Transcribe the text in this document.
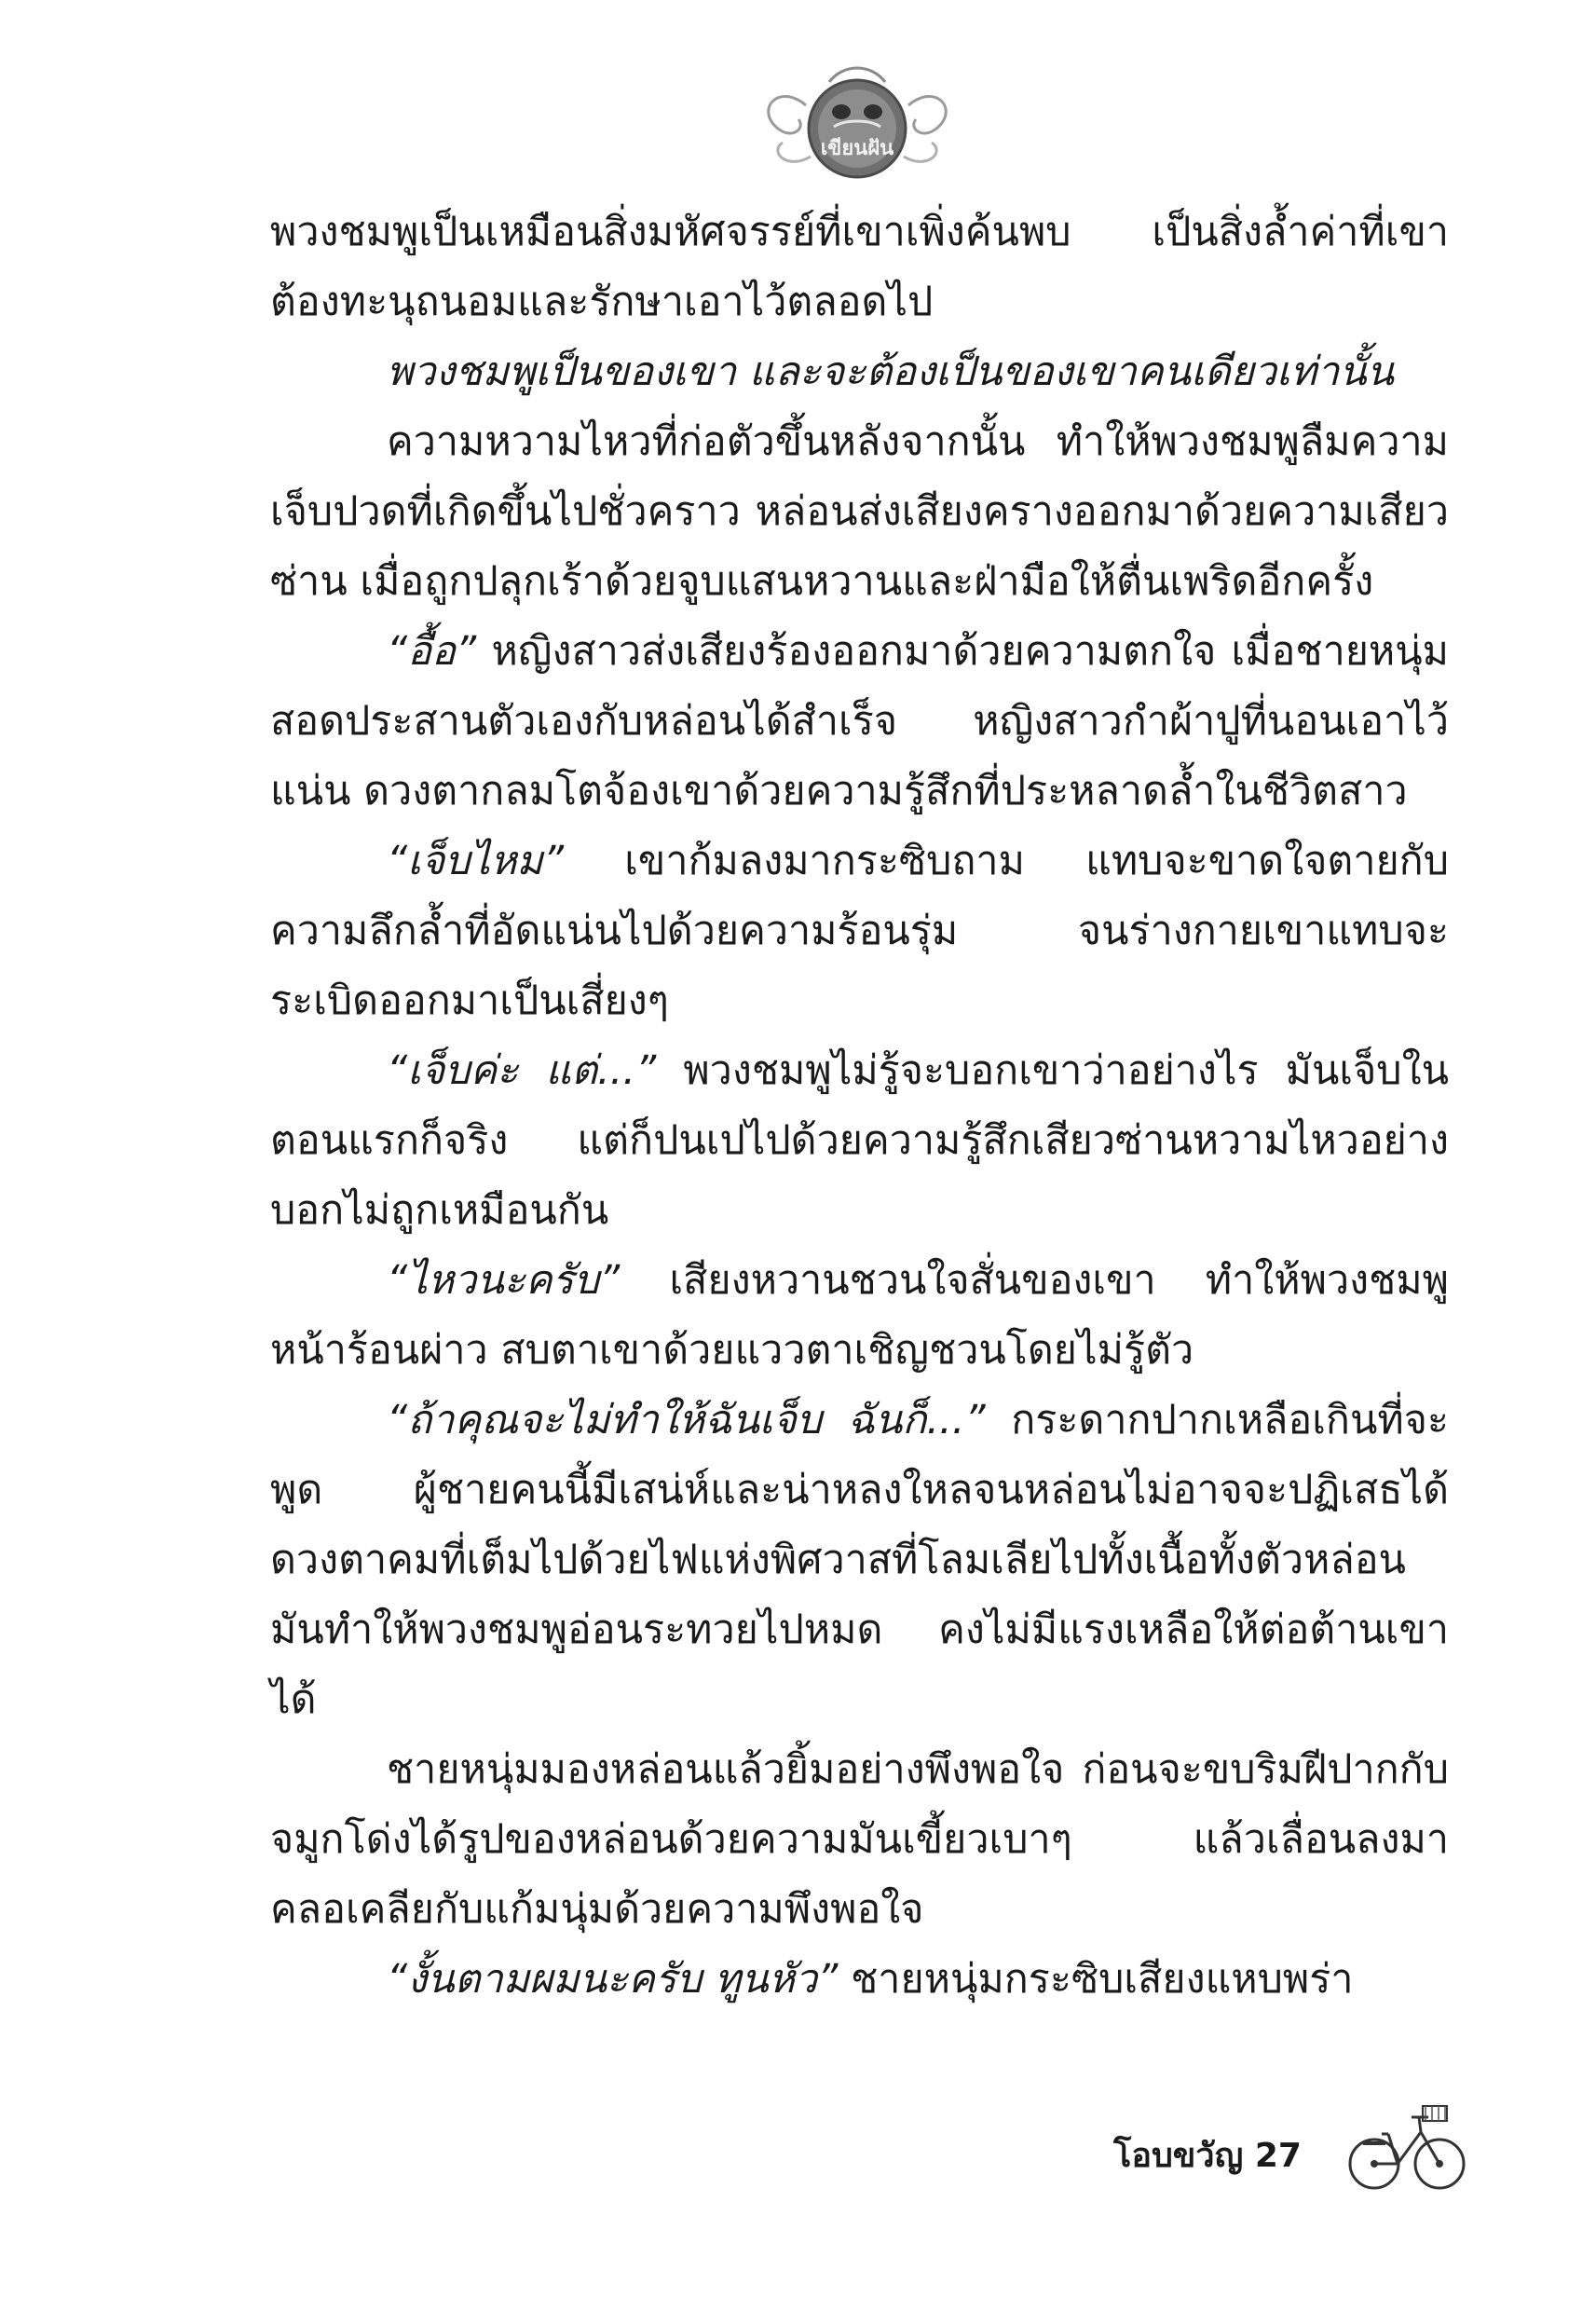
เขียนฝัน

พวงชมพูเป็นเหมือนสิ่งมหัศจรรย์ที่เขาเพิ่งค้นพบ เป็นสิ่งล้ำค่าที่เขาต้องทะนุถนอมและรักษาเอาไว้ตลอดไป

พวงชมพูเป็นของเขา และจะต้องเป็นของเขาคนเดียวเท่านั้น

ความหวามไหวที่ก่อตัวขึ้นหลังจากนั้น ทำให้พวงชมพูลืมความเจ็บปวดที่เกิดขึ้นไปชั่วคราว หล่อนส่งเสียงครางออกมาด้วยความเสียวซ่าน เมื่อถูกปลุกเร้าด้วยจูบแสนหวานและฝ่ามือให้ตื่นเพริดอีกครั้ง

“อื้อ” หญิงสาวส่งเสียงร้องออกมาด้วยความตกใจ เมื่อชายหนุ่มสอดประสานตัวเองกับหล่อนได้สำเร็จ หญิงสาวกำผ้าปูที่นอนเอาไว้แน่น ดวงตากลมโตจ้องเขาด้วยความรู้สึกที่ประหลาดล้ำในชีวิตสาว

“เจ็บไหม” เขาก้มลงมากระซิบถาม แทบจะขาดใจตายกับความลึกล้ำที่อัดแน่นไปด้วยความร้อนรุ่ม จนร่างกายเขาแทบจะระเบิดออกมาเป็นเสี่ยงๆ

“เจ็บค่ะ แต่...” พวงชมพูไม่รู้จะบอกเขาว่าอย่างไร มันเจ็บในตอนแรกก็จริง แต่ก็ปนเปไปด้วยความรู้สึกเสียวซ่านหวามไหวอย่างบอกไม่ถูกเหมือนกัน

“ไหวนะครับ” เสียงหวานชวนใจสั่นของเขา ทำให้พวงชมพูหน้าร้อนผ่าว สบตาเขาด้วยแววตาเชิญชวนโดยไม่รู้ตัว

“ถ้าคุณจะไม่ทำให้ฉันเจ็บ ฉันก็...” กระดากปากเหลือเกินที่จะพูด ผู้ชายคนนี้มีเสน่ห์และน่าหลงใหลจนหล่อนไม่อาจจะปฏิเสธได้ ดวงตาคมที่เต็มไปด้วยไฟแห่งพิศวาสที่โลมเลียไปทั้งเนื้อทั้งตัวหล่อนมันทำให้พวงชมพูอ่อนระทวยไปหมด คงไม่มีแรงเหลือให้ต่อต้านเขาได้

ชายหนุ่มมองหล่อนแล้วยิ้มอย่างพึงพอใจ ก่อนจะขบริมฝีปากกับจมูกโด่งได้รูปของหล่อนด้วยความมันเขี้ยวเบาๆ แล้วเลื่อนลงมาคลอเคลียกับแก้มนุ่มด้วยความพึงพอใจ

“งั้นตามผมนะครับ ทูนหัว” ชายหนุ่มกระซิบเสียงแหบพร่า

โอบขวัญ 27
